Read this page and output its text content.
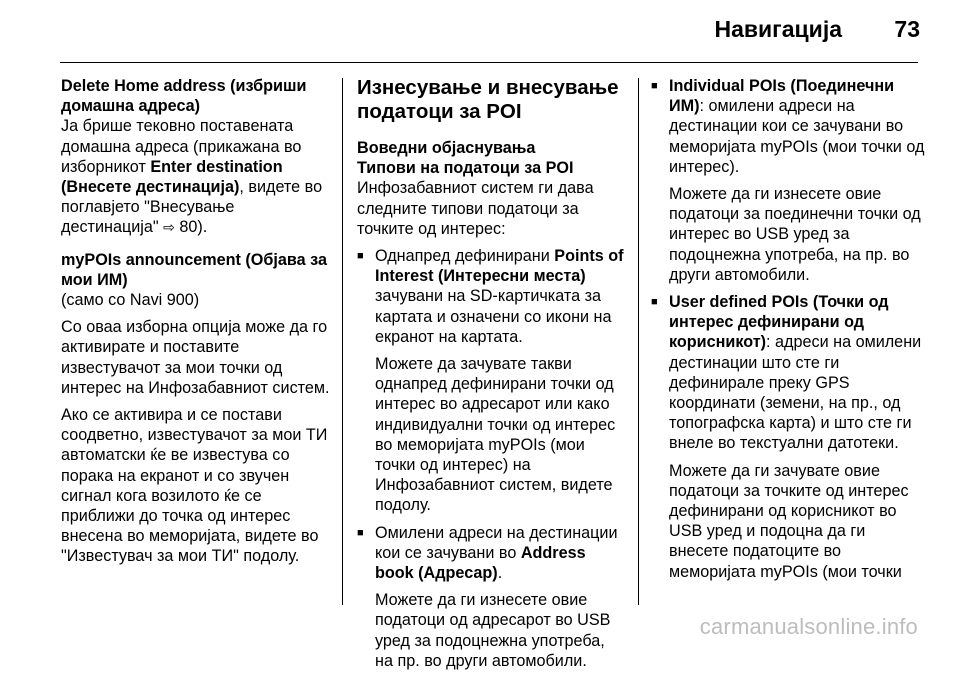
Навигација 73
Delete Home address (избриши
домашна адреса)

Ја брише тековно поставената домашна адреса (прикажана во изборникот Enter destination (Внесете дестинација), видете во поглавјето "Внесување дестинација" ⇨ 80).

myPOIs announcement (Објава за
мои ИМ)

(само со Navi 900)

Со оваа изборна опција може да го активирате и поставите известувачот за мои точки од интерес на Инфозабавниот систем.

Ако се активира и се постави соодветно, известувачот за мои ТИ автоматски ќе ве известува со порака на екранот и со звучен сигнал кога возилото ќе се приближи до точка од интерес внесена во меморијата, видете во "Известувач за мои ТИ" подолу.

Изнесување и внесување
податоци за POI
Воведни објаснувања
Типови на податоци за POI

Инфозабавниот систем ги дава следните типови податоци за точките од интерес:

■ Однапред дефинирани Points of Interest (Интересни места) зачувани на SD-картичката за картата и означени со икони на екранот на картата.
Можете да зачувате такви однапред дефинирани точки од интерес во адресарот или како индивидуални точки од интерес во меморијата myPOIs (мои точки од интерес) на Инфозабавниот систем, видете подолу.
■ Омилени адреси на дестинации кои се зачувани во Address book (Адресар).
Можете да ги изнесете овие податоци од адресарот во USB уред за подоцнежна употреба, на пр. во други автомобили.
■ Individual POIs (Поединечни ИМ): омилени адреси на дестинации кои се зачувани во меморијата myPOIs (мои точки од интерес).
Можете да ги изнесете овие податоци за поединечни точки од интерес во USB уред за подоцнежна употреба, на пр. во други автомобили.
■ User defined POIs (Точки од интерес дефинирани од корисникот): адреси на омилени дестинации што сте ги дефинирале преку GPS координати (земени, на пр., од топографска карта) и што сте ги внеле во текстуални датотеки.
Можете да ги зачувате овие податоци за точките од интерес дефинирани од корисникот во USB уред и подоцна да ги внесете податоците во меморијата myPOIs (мои точки
carmanualsonline.info
